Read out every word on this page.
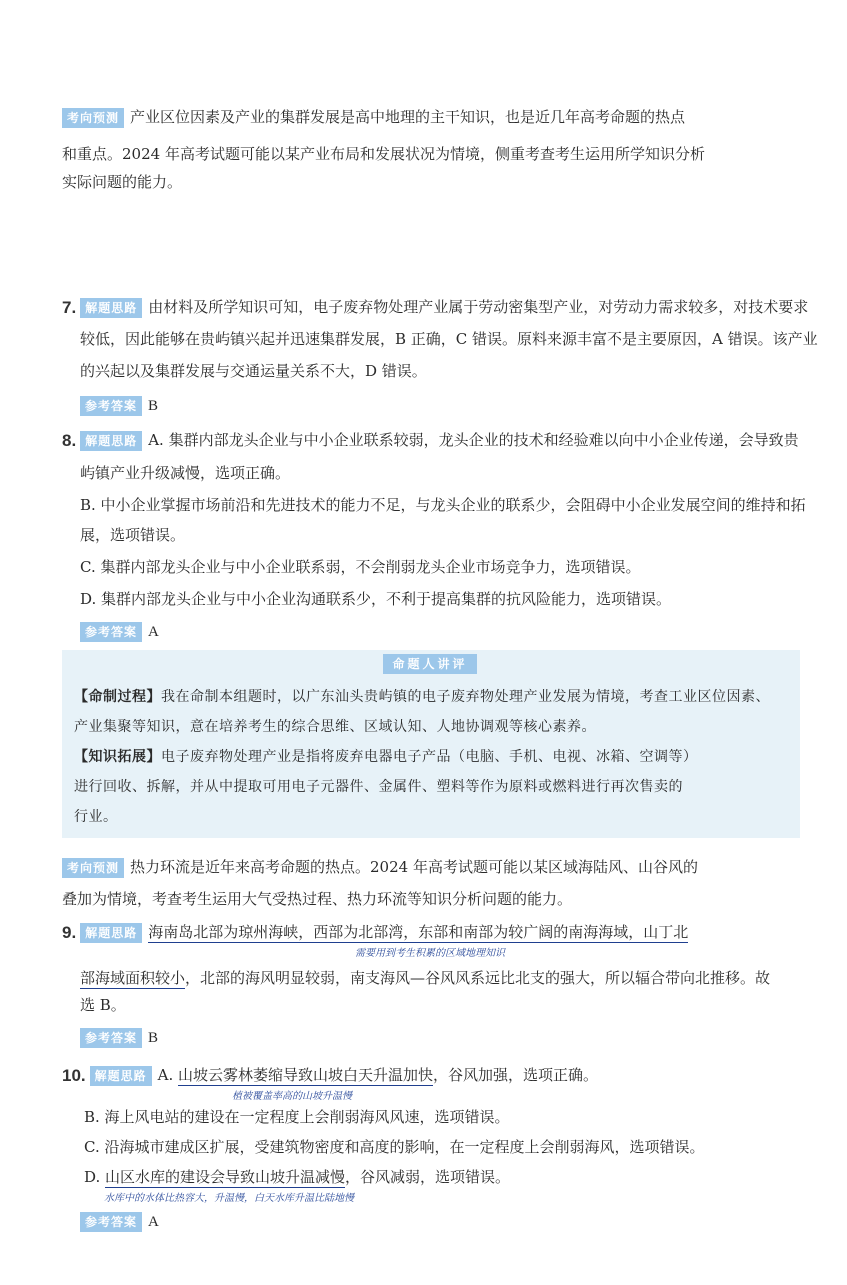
考向预测 产业区位因素及产业的集群发展是高中地理的主干知识，也是近几年高考命题的热点
和重点。2024 年高考试题可能以某产业布局和发展状况为情境，侧重考查考生运用所学知识分析
实际问题的能力。
7. 解题思路 由材料及所学知识可知，电子废弃物处理产业属于劳动密集型产业，对劳动力需求较多，对技术要求
较低，因此能够在贵屿镇兴起并迅速集群发展，B 正确，C 错误。原料来源丰富不是主要原因，A 错误。该产业
的兴起以及集群发展与交通运量关系不大，D 错误。
参考答案 B
8. 解题思路 A. 集群内部龙头企业与中小企业联系较弱，龙头企业的技术和经验难以向中小企业传递，会导致贵
屿镇产业升级减慢，选项正确。
B. 中小企业掌握市场前沿和先进技术的能力不足，与龙头企业的联系少，会阻碍中小企业发展空间的维持和拓
展，选项错误。
C. 集群内部龙头企业与中小企业联系弱，不会削弱龙头企业市场竞争力，选项错误。
D. 集群内部龙头企业与中小企业沟通联系少，不利于提高集群的抗风险能力，选项错误。
参考答案 A
命题人讲评
【命制过程】我在命制本组题时，以广东汕头贵屿镇的电子废弃物处理产业发展为情境，考查工业区位因素、
产业集聚等知识，意在培养考生的综合思维、区域认知、人地协调观等核心素养。
【知识拓展】电子废弃物处理产业是指将废弃电器电子产品（电脑、手机、电视、冰箱、空调等）
进行回收、拆解，并从中提取可用电子元器件、金属件、塑料等作为原料或燃料进行再次售卖的
行业。
考向预测 热力环流是近年来高考命题的热点。2024 年高考试题可能以某区域海陆风、山谷风的
叠加为情境，考查考生运用大气受热过程、热力环流等知识分析问题的能力。
9. 解题思路 海南岛北部为琼州海峡，西部为北部湾，东部和南部为较广阔的南海海域，山丁北
需要用到考生积累的区域地理知识
部海域面积较小，北部的海风明显较弱，南支海风—谷风风系远比北支的强大，所以辐合带向北推移。故
选 B。
参考答案 B
10. 解题思路 A. 山坡云雾林萎缩导致山坡白天升温加快，谷风加强，选项正确。
植被覆盖率高的山坡升温慢
B. 海上风电站的建设在一定程度上会削弱海风风速，选项错误。
C. 沿海城市建成区扩展，受建筑物密度和高度的影响，在一定程度上会削弱海风，选项错误。
D. 山区水库的建设会导致山坡升温减慢，谷风减弱，选项错误。
水库中的水体比热容大，升温慢，白天水库升温比陆地慢
参考答案 A
